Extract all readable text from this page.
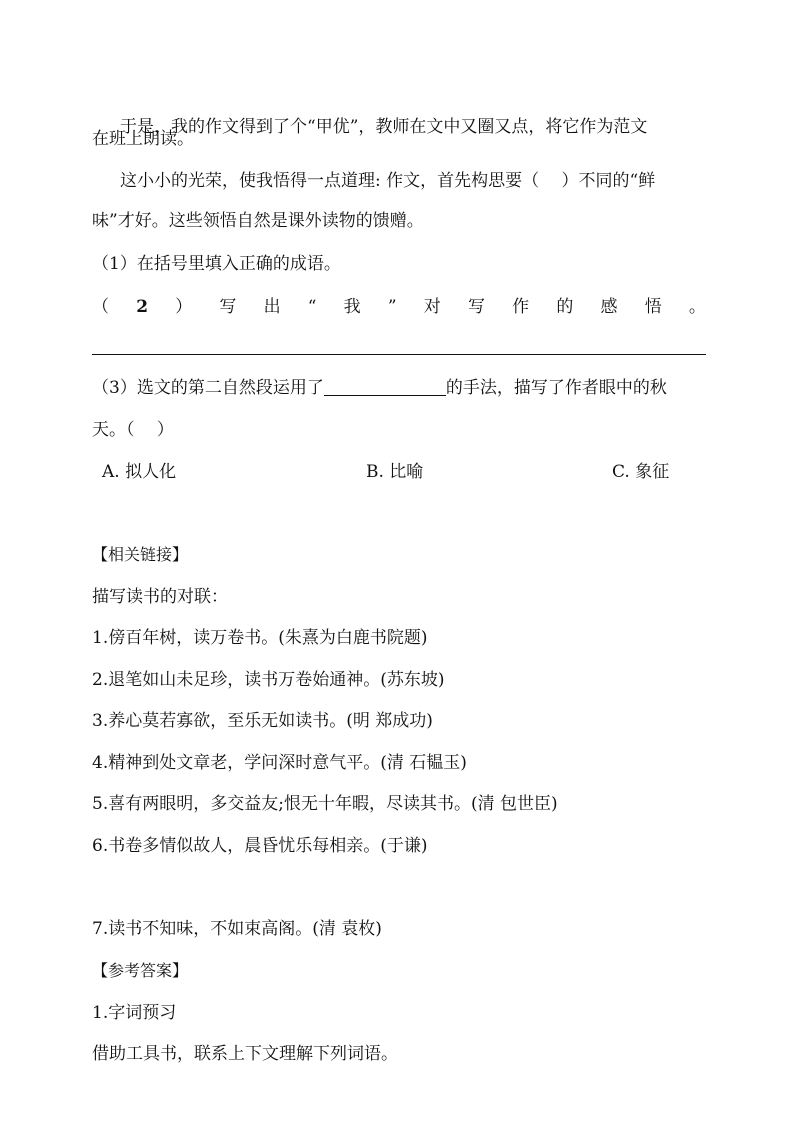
于是，我的作文得到了个“甲优”，教师在文中又圈又点，将它作为范文
在班上朗读。
这小小的光荣，使我悟得一点道理: 作文，首先构思要（　 ）不同的“鲜
味”才好。这些领悟自然是课外读物的馈赠。
（1）在括号里填入正确的成语。
（ 2 ） 写 出 “ 我 ” 对 写 作 的 感 悟 。
（3）选文的第二自然段运用了	的手法，描写了作者眼中的秋
天。（　 ）
A. 拟人化	B. 比喻	C. 象征
【相关链接】
描写读书的对联：
1.傍百年树，读万卷书。(朱熹为白鹿书院题)
2.退笔如山未足珍，读书万卷始通神。(苏东坡)
3.养心莫若寡欲，至乐无如读书。(明 郑成功)
4.精神到处文章老，学问深时意气平。(清 石韫玉)
5.喜有两眼明，多交益友;恨无十年暇，尽读其书。(清 包世臣)
6.书卷多情似故人，晨昏忧乐每相亲。(于谦)
7.读书不知味，不如束高阁。(清 袁枚)
【参考答案】
1.字词预习
借助工具书，联系上下文理解下列词语。
